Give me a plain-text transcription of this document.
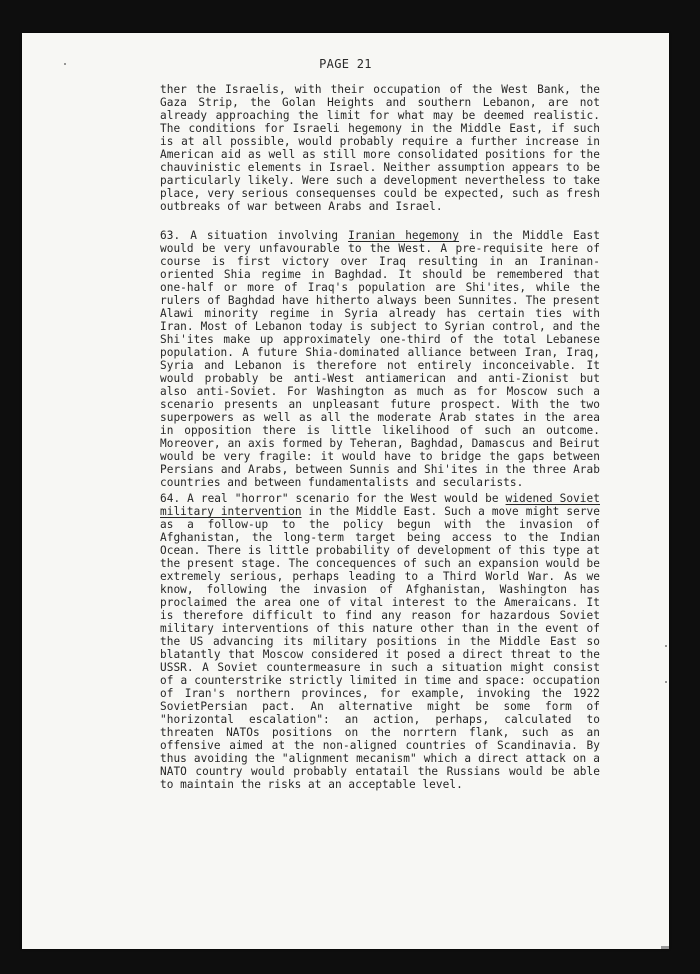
PAGE 21

ther the Israelis, with their occupation of the West Bank, the Gaza Strip, the Golan Heights and southern Lebanon, are not already approaching the limit for what may be deemed realistic. The conditions for Israeli hegemony in the Middle East, if such is at all possible, would probably require a further increase in American aid as well as still more consolidated positions for the chauvinistic elements in Israel. Neither assumption appears to be particularly likely. Were such a development nevertheless to take place, very serious consequenses could be expected, such as fresh outbreaks of war between Arabs and Israel.

63. A situation involving Iranian hegemony in the Middle East would be very unfavourable to the West. A pre-requisite here of course is first victory over Iraq resulting in an Iraninan-oriented Shia regime in Baghdad. It should be remembered that one-half or more of Iraq's population are Shi'ites, while the rulers of Baghdad have hitherto always been Sunnites. The present Alawi minority regime in Syria already has certain ties with Iran. Most of Lebanon today is subject to Syrian control, and the Shi'ites make up approximately one-third of the total Lebanese population. A future Shia-dominated alliance between Iran, Iraq, Syria and Lebanon is therefore not entirely inconceivable. It would probably be anti-West antiamerican and anti-Zionist but also anti-Soviet. For Washington as much as for Moscow such a scenario presents an unpleasant future prospect. With the two superpowers as well as all the moderate Arab states in the area in opposition there is little likelihood of such an outcome. Moreover, an axis formed by Teheran, Baghdad, Damascus and Beirut would be very fragile: it would have to bridge the gaps between Persians and Arabs, between Sunnis and Shi'ites in the three Arab countries and between fundamentalists and secularists.

64. A real "horror" scenario for the West would be widened Soviet military intervention in the Middle East. Such a move might serve as a follow-up to the policy begun with the invasion of Afghanistan, the long-term target being access to the Indian Ocean. There is little probability of development of this type at the present stage. The concequences of such an expansion would be extremely serious, perhaps leading to a Third World War. As we know, following the invasion of Afghanistan, Washington has proclaimed the area one of vital interest to the Ameraicans. It is therefore difficult to find any reason for hazardous Soviet military interventions of this nature other than in the event of the US advancing its military positions in the Middle East so blatantly that Moscow considered it posed a direct threat to the USSR. A Soviet countermeasure in such a situation might consist of a counterstrike strictly limited in time and space: occupation of Iran's northern provinces, for example, invoking the 1922 SovietPersian pact. An alternative might be some form of "horizontal escalation": an action, perhaps, calculated to threaten NATOs positions on the norrtern flank, such as an offensive aimed at the non-aligned countries of Scandinavia. By thus avoiding the "alignment mecanism" which a direct attack on a NATO country would probably entatail the Russians would be able to maintain the risks at an acceptable level.
